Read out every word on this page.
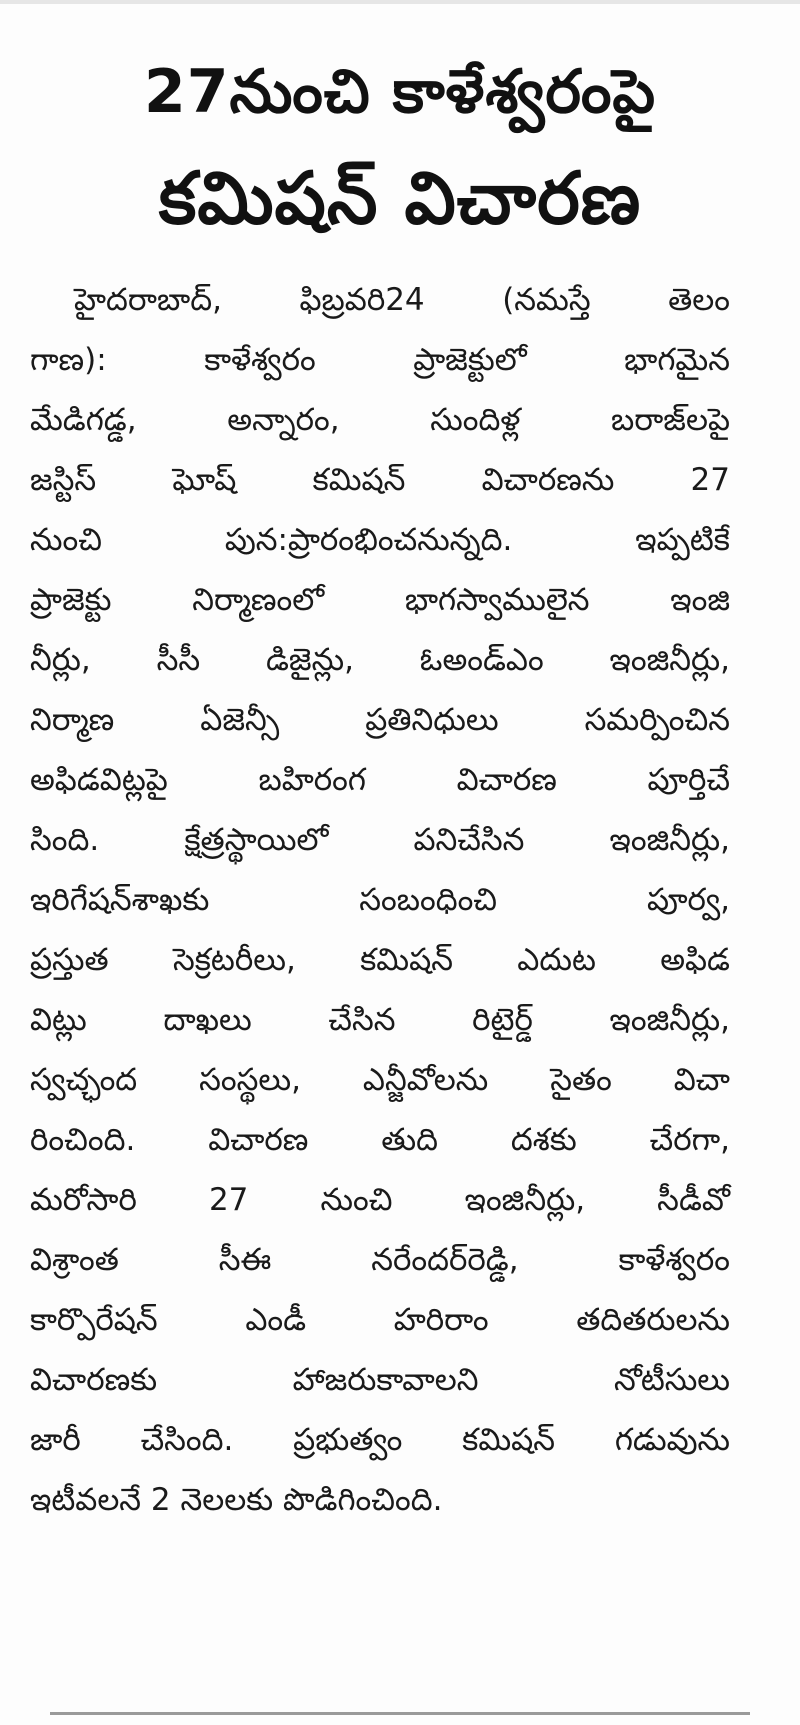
27నుంచి కాళేశ్వరంపై
కమిషన్ విచారణ
హైదరాబాద్, ఫిబ్రవరి24 (నమస్తే తెలం
గాణ): కాళేశ్వరం ప్రాజెక్టులో భాగమైన
మేడిగడ్డ, అన్నారం, సుందిళ్ల బరాజ్‌లపై
జస్టిస్ ఘోష్ కమిషన్ విచారణను 27
నుంచి పున:ప్రారంభించనున్నది. ఇప్పటికే
ప్రాజెక్టు నిర్మాణంలో భాగస్వాములైన ఇంజి
నీర్లు, సీసీ డిజైన్లు, ఓఅండ్ఎం ఇంజినీర్లు,
నిర్మాణ ఏజెన్సీ ప్రతినిధులు సమర్పించిన
అఫిడవిట్లపై బహిరంగ విచారణ పూర్తిచే
సింది. క్షేత్రస్థాయిలో పనిచేసిన ఇంజినీర్లు,
ఇరిగేషన్‌శాఖకు సంబంధించి పూర్వ,
ప్రస్తుత సెక్రటరీలు, కమిషన్ ఎదుట అఫిడ
విట్లు దాఖలు చేసిన రిటైర్డ్ ఇంజినీర్లు,
స్వచ్ఛంద సంస్థలు, ఎన్జీవోలను సైతం విచా
రించింది. విచారణ తుది దశకు చేరగా,
మరోసారి 27 నుంచి ఇంజినీర్లు, సీడీవో
విశ్రాంత సీఈ నరేందర్‌రెడ్డి, కాళేశ్వరం
కార్పొరేషన్ ఎండీ హరిరాం తదితరులను
విచారణకు హాజరుకావాలని నోటీసులు
జారీ చేసింది. ప్రభుత్వం కమిషన్ గడువును
ఇటీవలనే 2 నెలలకు పొడిగించింది.
